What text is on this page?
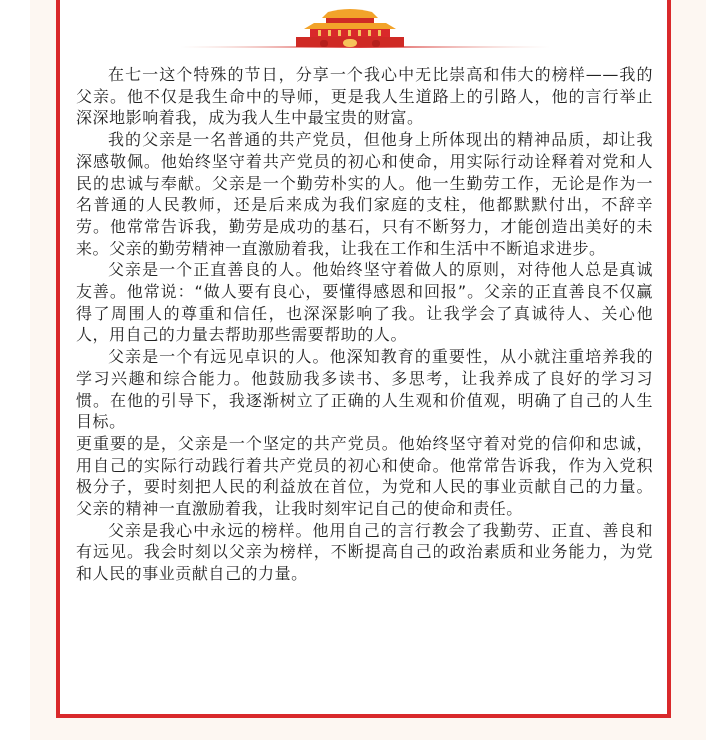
在七一这个特殊的节日，分享一个我心中无比崇高和伟大的榜样——我的父亲。他不仅是我生命中的导师，更是我人生道路上的引路人，他的言行举止深深地影响着我，成为我人生中最宝贵的财富。

我的父亲是一名普通的共产党员，但他身上所体现出的精神品质，却让我深感敬佩。他始终坚守着共产党员的初心和使命，用实际行动诠释着对党和人民的忠诚与奉献。父亲是一个勤劳朴实的人。他一生勤劳工作，无论是作为一名普通的人民教师，还是后来成为我们家庭的支柱，他都默默付出，不辞辛劳。他常常告诉我，勤劳是成功的基石，只有不断努力，才能创造出美好的未来。父亲的勤劳精神一直激励着我，让我在工作和生活中不断追求进步。

父亲是一个正直善良的人。他始终坚守着做人的原则，对待他人总是真诚友善。他常说：“做人要有良心，要懂得感恩和回报”。父亲的正直善良不仅赢得了周围人的尊重和信任，也深深影响了我。让我学会了真诚待人、关心他人，用自己的力量去帮助那些需要帮助的人。

父亲是一个有远见卓识的人。他深知教育的重要性，从小就注重培养我的学习兴趣和综合能力。他鼓励我多读书、多思考，让我养成了良好的学习习惯。在他的引导下，我逐渐树立了正确的人生观和价值观，明确了自己的人生目标。

更重要的是，父亲是一个坚定的共产党员。他始终坚守着对党的信仰和忠诚，用自己的实际行动践行着共产党员的初心和使命。他常常告诉我，作为入党积极分子，要时刻把人民的利益放在首位，为党和人民的事业贡献自己的力量。父亲的精神一直激励着我，让我时刻牢记自己的使命和责任。

父亲是我心中永远的榜样。他用自己的言行教会了我勤劳、正直、善良和有远见。我会时刻以父亲为榜样，不断提高自己的政治素质和业务能力，为党和人民的事业贡献自己的力量。
